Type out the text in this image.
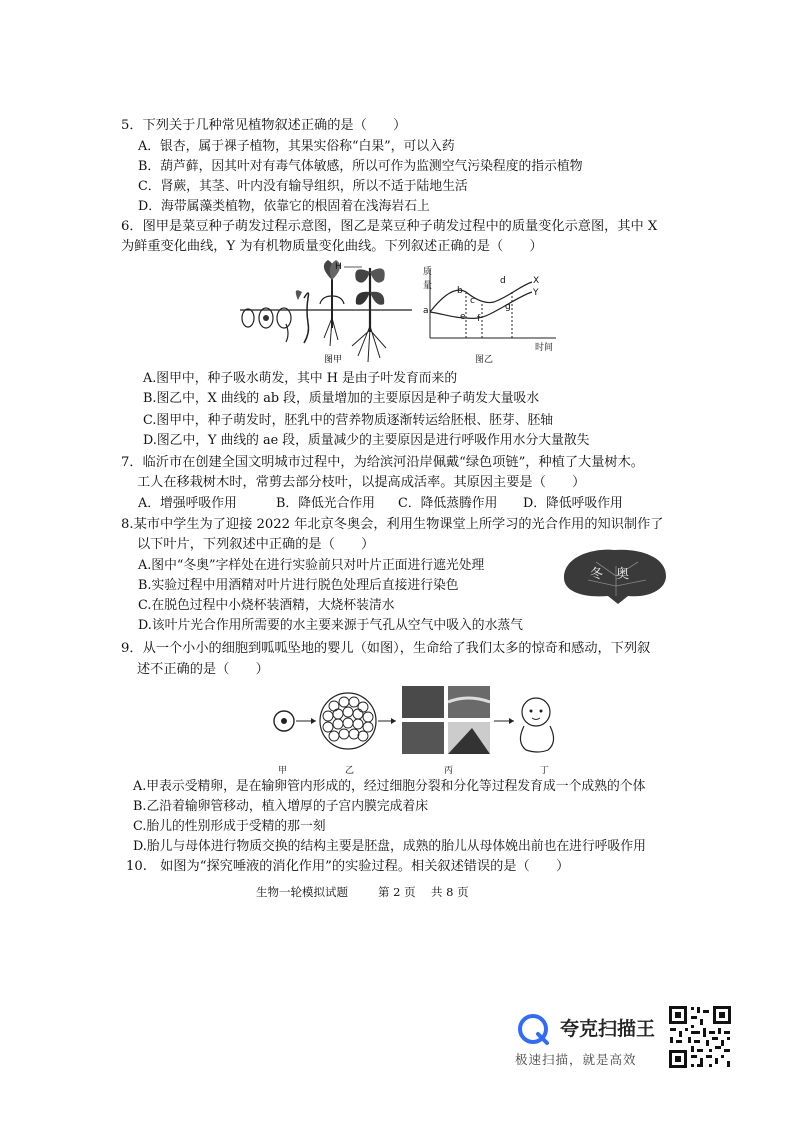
5．下列关于几种常见植物叙述正确的是（　　）
A．银杏，属于祼子植物，其果实俗称“白果”，可以入药
B．葫芦藓，因其叶对有毒气体敏感，所以可作为监测空气污染程度的指示植物
C．肾蕨，其茎、叶内没有输导组织，所以不适于陆地生活
D．海带属藻类植物，依靠它的根固着在浅海岩石上
6．图甲是菜豆种子萌发过程示意图，图乙是菜豆种子萌发过程中的质量变化示意图，其中 X
为鲜重变化曲线，Y 为有机物质量变化曲线。下列叙述正确的是（　　）
图甲
H	质
量
时间
X
Y
a
b
c
d
e f
g
图乙
A.图甲中，种子吸水萌发，其中 H 是由子叶发育而来的
B.图乙中，X 曲线的 ab 段，质量增加的主要原因是种子萌发大量吸水
C.图甲中，种子萌发时，胚乳中的营养物质逐渐转运给胚根、胚芽、胚轴
D.图乙中，Y 曲线的 ae 段，质量减少的主要原因是进行呼吸作用水分大量散失
7．临沂市在创建全国文明城市过程中，为给滨河沿岸佩戴“绿色项链”，种植了大量树木。
工人在移栽树木时，常剪去部分枝叶，以提高成活率。其原因主要是（　　）
A．增强呼吸作用	B．降低光合作用 C．降低蒸腾作用 D．降低呼吸作用
8.某市中学生为了迎接 2022 年北京冬奥会，利用生物课堂上所学习的光合作用的知识制作了
以下叶片，下列叙述中正确的是（　　）
A.图中“冬奥”字样处在进行实验前只对叶片正面进行遮光处理
B.实验过程中用酒精对叶片进行脱色处理后直接进行染色
C.在脱色过程中小烧杯装酒精，大烧杯装清水
D.该叶片光合作用所需要的水主要来源于气孔从空气中吸入的水蒸气
冬　奥
9．从一个小小的细胞到呱呱坠地的婴儿（如图），生命给了我们太多的惊奇和感动，下列叙
述不正确的是（　　）
甲	乙	丙	丁
A.甲表示受精卵，是在输卵管内形成的，经过细胞分裂和分化等过程发育成一个成熟的个体
B.乙沿着输卵管移动，植入增厚的子宫内膜完成着床
C.胎儿的性别形成于受精的那一刻
D.胎儿与母体进行物质交换的结构主要是胚盘，成熟的胎儿从母体娩出前也在进行呼吸作用
10.　如图为“探究唾液的消化作用”的实验过程。相关叙述错误的是（　　）
生物一轮模拟试题	第 2 页 共 8 页
夸克扫描王
极速扫描，就是高效
